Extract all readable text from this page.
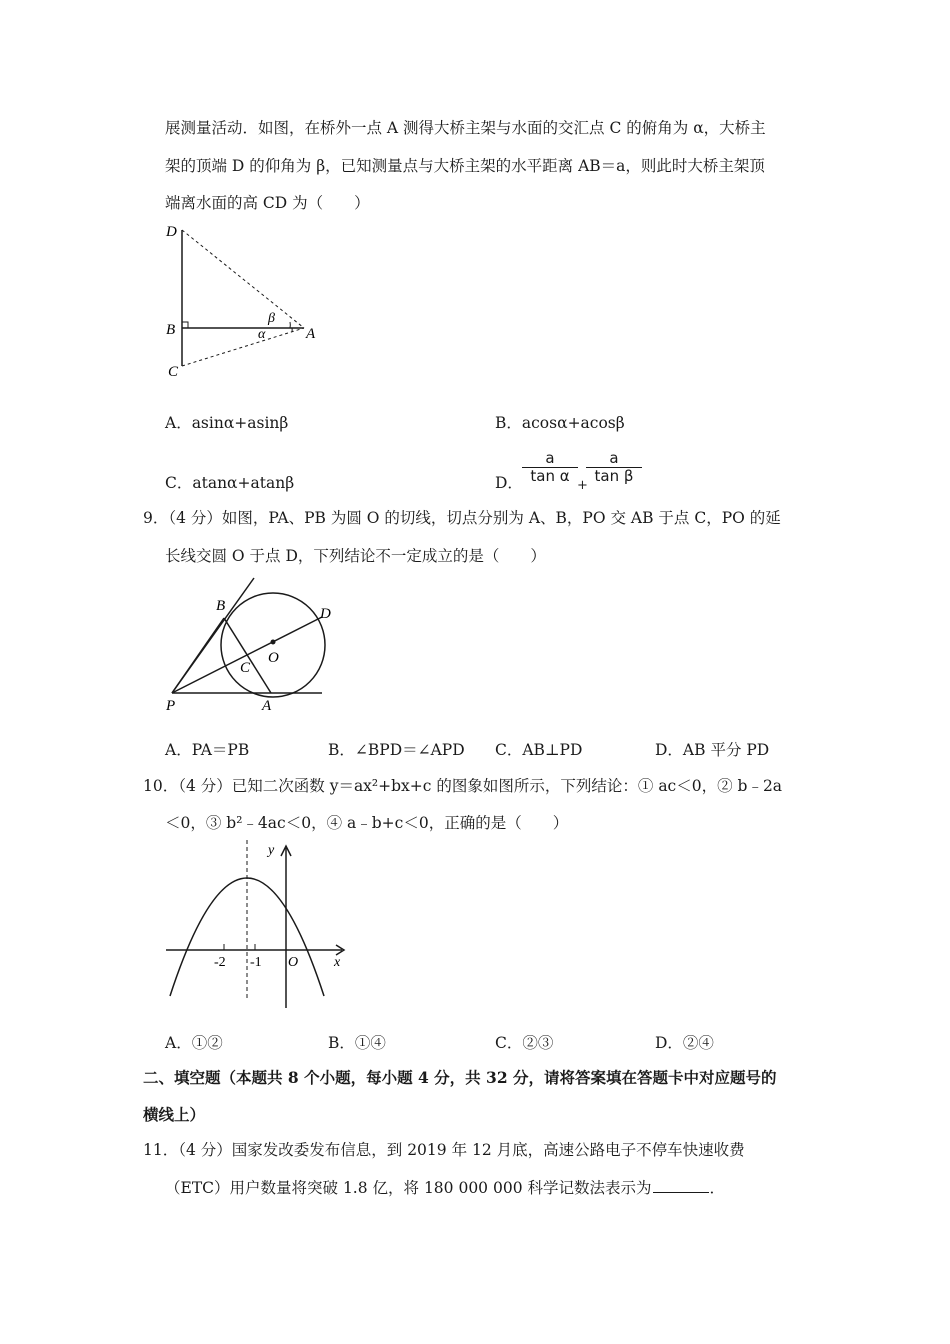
展测量活动．如图，在桥外一点 A 测得大桥主架与水面的交汇点 C 的俯角为 α，大桥主
架的顶端 D 的仰角为 β，已知测量点与大桥主架的水平距离 AB＝a，则此时大桥主架顶
端离水面的高 CD 为（　　）
D
B
C
A
α
β
A．asinα+asinβ	B．acosα+acosβ
C．atanα+atanβ	D． $\frac{a}{\text{tan α}}$
+
$\frac{a}{\text{tan β}}$
9．（4 分）如图，PA、PB 为圆 O 的切线，切点分别为 A、B，PO 交 AB 于点 C，PO 的延
长线交圆 O 于点 D，下列结论不一定成立的是（　　）
B	D
O
C
P	A
A．PA＝PB	B．∠BPD＝∠APD C．AB⊥PD	D．AB 平分 PD
10．（4 分）已知二次函数 y＝ax²+bx+c 的图象如图所示，下列结论：① ac＜0，② b﹣2a
＜0，③ b²﹣4ac＜0，④ a﹣b+c＜0，正确的是（　　）
-2 -1 O	x
y
A．①②	B．①④	C．②③	D．②④
二、填空题（本题共 8 个小题，每小题 4 分，共 32 分，请将答案填在答题卡中对应题号的
横线上）
11．（4 分）国家发改委发布信息，到 2019 年 12 月底，高速公路电子不停车快速收费
（ETC）用户数量将突破 1.8 亿，将 180 000 000 科学记数法表示为	．
